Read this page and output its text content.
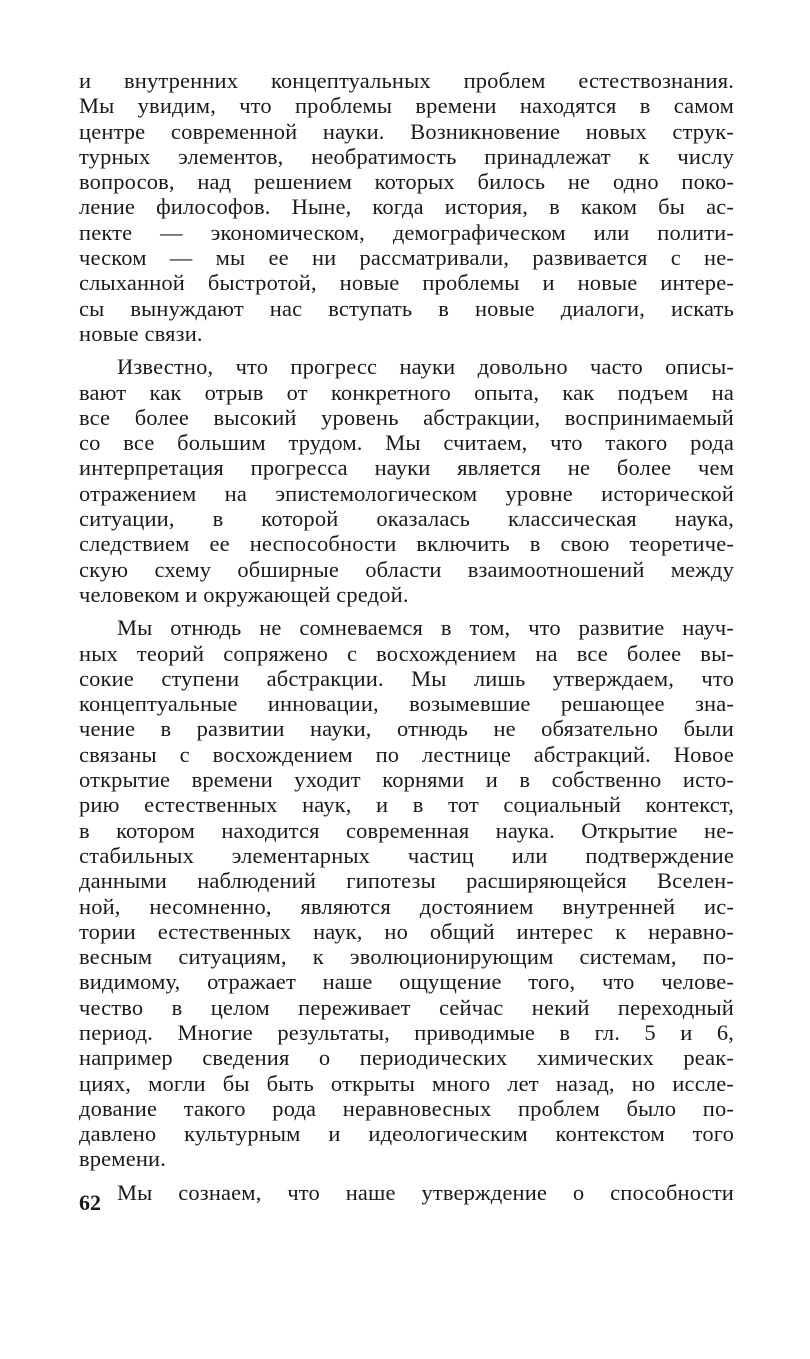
и внутренних концептуальных проблем естествознания.
Мы увидим, что проблемы времени находятся в самом
центре современной науки. Возникновение новых струк-
турных элементов, необратимость принадлежат к числу
вопросов, над решением которых билось не одно поко-
ление философов. Ныне, когда история, в каком бы ас-
пекте — экономическом, демографическом или полити-
ческом — мы ее ни рассматривали, развивается с не-
слыханной быстротой, новые проблемы и новые интере-
сы вынуждают нас вступать в новые диалоги, искать
новые связи.
Известно, что прогресс науки довольно часто описы-
вают как отрыв от конкретного опыта, как подъем на
все более высокий уровень абстракции, воспринимаемый
со все большим трудом. Мы считаем, что такого рода
интерпретация прогресса науки является не более чем
отражением на эпистемологическом уровне исторической
ситуации, в которой оказалась классическая наука,
следствием ее неспособности включить в свою теоретиче-
скую схему обширные области взаимоотношений между
человеком и окружающей средой.
Мы отнюдь не сомневаемся в том, что развитие науч-
ных теорий сопряжено с восхождением на все более вы-
сокие ступени абстракции. Мы лишь утверждаем, что
концептуальные инновации, возымевшие решающее зна-
чение в развитии науки, отнюдь не обязательно были
связаны с восхождением по лестнице абстракций. Новое
открытие времени уходит корнями и в собственно исто-
рию естественных наук, и в тот социальный контекст,
в котором находится современная наука. Открытие не-
стабильных элементарных частиц или подтверждение
данными наблюдений гипотезы расширяющейся Вселен-
ной, несомненно, являются достоянием внутренней ис-
тории естественных наук, но общий интерес к неравно-
весным ситуациям, к эволюционирующим системам, по-
видимому, отражает наше ощущение того, что челове-
чество в целом переживает сейчас некий переходный
период. Многие результаты, приводимые в гл. 5 и 6,
например сведения о периодических химических реак-
циях, могли бы быть открыты много лет назад, но иссле-
дование такого рода неравновесных проблем было по-
давлено культурным и идеологическим контекстом того
времени.
Мы сознаем, что наше утверждение о способности
62
